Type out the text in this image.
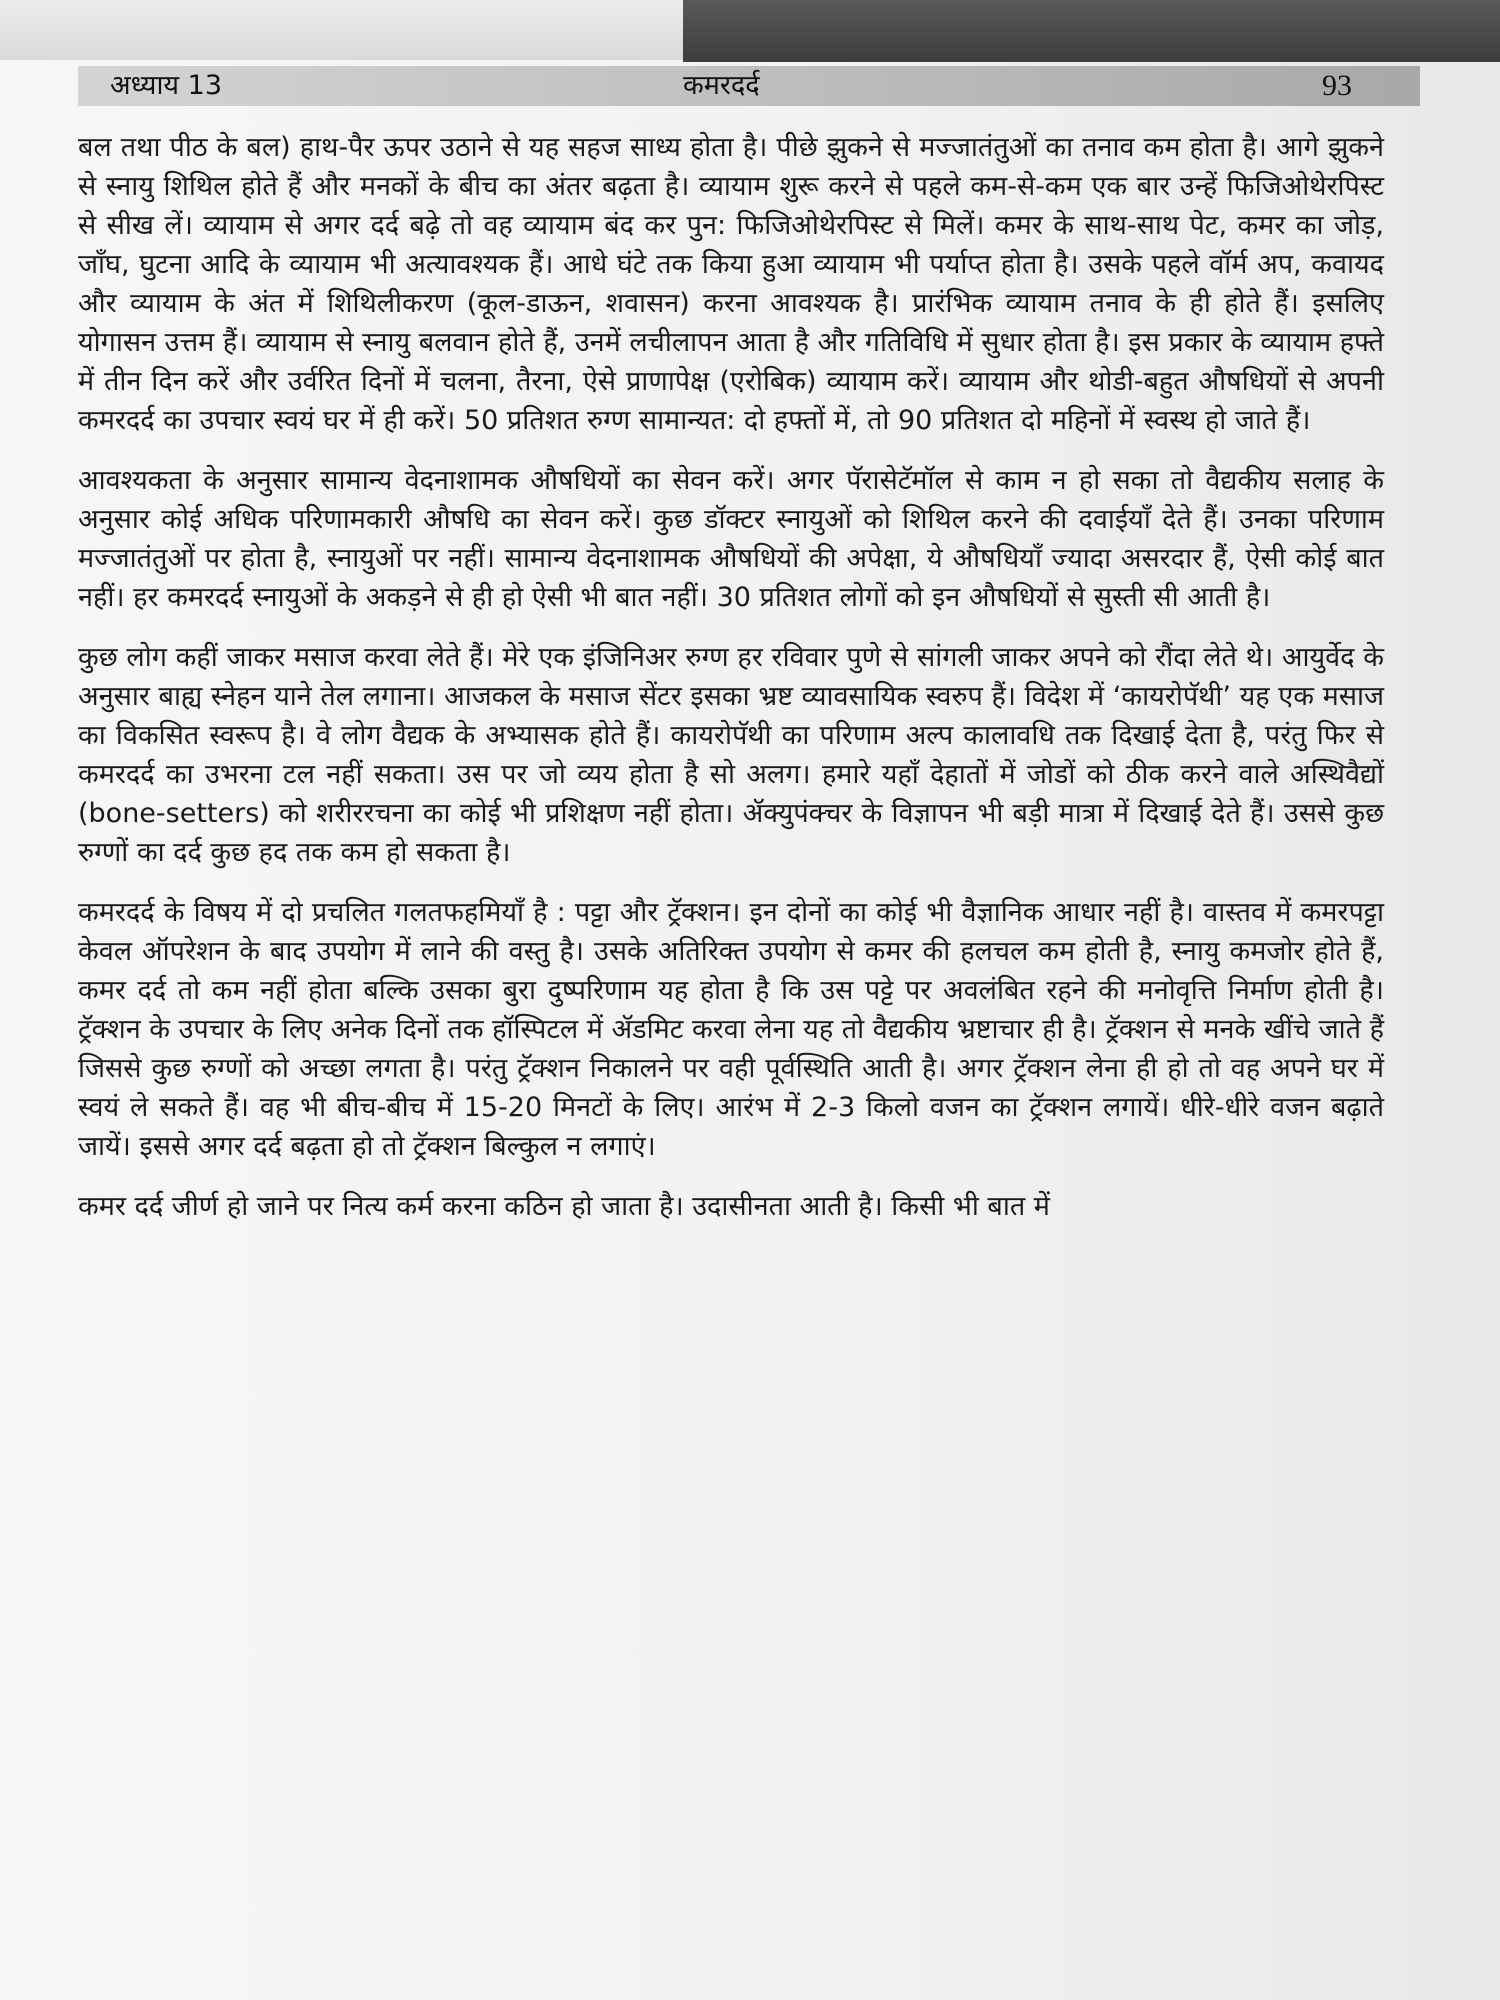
अध्याय 13	कमरदर्द	93

बल तथा पीठ के बल) हाथ-पैर ऊपर उठाने से यह सहज साध्य होता है। पीछे झुकने से मज्जातंतुओं का तनाव कम होता है। आगे झुकने से स्नायु शिथिल होते हैं और मनकों के बीच का अंतर बढ़ता है। व्यायाम शुरू करने से पहले कम-से-कम एक बार उन्हें फिजिओथेरपिस्ट से सीख लें। व्यायाम से अगर दर्द बढ़े तो वह व्यायाम बंद कर पुन: फिजिओथेरपिस्ट से मिलें। कमर के साथ-साथ पेट, कमर का जोड़, जाँघ, घुटना आदि के व्यायाम भी अत्यावश्यक हैं। आधे घंटे तक किया हुआ व्यायाम भी पर्याप्त होता है। उसके पहले वॉर्म अप, कवायद और व्यायाम के अंत में शिथिलीकरण (कूल-डाऊन, शवासन) करना आवश्यक है। प्रारंभिक व्यायाम तनाव के ही होते हैं। इसलिए योगासन उत्तम हैं। व्यायाम से स्नायु बलवान होते हैं, उनमें लचीलापन आता है और गतिविधि में सुधार होता है। इस प्रकार के व्यायाम हफ्ते में तीन दिन करें और उर्वरित दिनों में चलना, तैरना, ऐसे प्राणापेक्ष (एरोबिक) व्यायाम करें। व्यायाम और थोडी-बहुत औषधियों से अपनी कमरदर्द का उपचार स्वयं घर में ही करें। 50 प्रतिशत रुग्ण सामान्यत: दो हफ्तों में, तो 90 प्रतिशत दो महिनों में स्वस्थ हो जाते हैं।

आवश्यकता के अनुसार सामान्य वेदनाशामक औषधियों का सेवन करें। अगर पॅरासेटॅमॉल से काम न हो सका तो वैद्यकीय सलाह के अनुसार कोई अधिक परिणामकारी औषधि का सेवन करें। कुछ डॉक्टर स्नायुओं को शिथिल करने की दवाईयाँ देते हैं। उनका परिणाम मज्जातंतुओं पर होता है, स्नायुओं पर नहीं। सामान्य वेदनाशामक औषधियों की अपेक्षा, ये औषधियाँ ज्यादा असरदार हैं, ऐसी कोई बात नहीं। हर कमरदर्द स्नायुओं के अकड़ने से ही हो ऐसी भी बात नहीं। 30 प्रतिशत लोगों को इन औषधियों से सुस्ती सी आती है।

कुछ लोग कहीं जाकर मसाज करवा लेते हैं। मेरे एक इंजिनिअर रुग्ण हर रविवार पुणे से सांगली जाकर अपने को रौंदा लेते थे। आयुर्वेद के अनुसार बाह्य स्नेहन याने तेल लगाना। आजकल के मसाज सेंटर इसका भ्रष्ट व्यावसायिक स्वरुप हैं। विदेश में ‘कायरोपॅथी’ यह एक मसाज का विकसित स्वरूप है। वे लोग वैद्यक के अभ्यासक होते हैं। कायरोपॅथी का परिणाम अल्प कालावधि तक दिखाई देता है, परंतु फिर से कमरदर्द का उभरना टल नहीं सकता। उस पर जो व्यय होता है सो अलग। हमारे यहाँ देहातों में जोडों को ठीक करने वाले अस्थिवैद्यों (bone-setters) को शरीररचना का कोई भी प्रशिक्षण नहीं होता। ॲक्युपंक्चर के विज्ञापन भी बड़ी मात्रा में दिखाई देते हैं। उससे कुछ रुग्णों का दर्द कुछ हद तक कम हो सकता है।

कमरदर्द के विषय में दो प्रचलित गलतफहमियाँ है : पट्टा और ट्रॅक्शन। इन दोनों का कोई भी वैज्ञानिक आधार नहीं है। वास्तव में कमरपट्टा केवल ऑपरेशन के बाद उपयोग में लाने की वस्तु है। उसके अतिरिक्त उपयोग से कमर की हलचल कम होती है, स्नायु कमजोर होते हैं, कमर दर्द तो कम नहीं होता बल्कि उसका बुरा दुष्परिणाम यह होता है कि उस पट्टे पर अवलंबित रहने की मनोवृत्ति निर्माण होती है। ट्रॅक्शन के उपचार के लिए अनेक दिनों तक हॉस्पिटल में ॲडमिट करवा लेना यह तो वैद्यकीय भ्रष्टाचार ही है। ट्रॅक्शन से मनके खींचे जाते हैं जिससे कुछ रुग्णों को अच्छा लगता है। परंतु ट्रॅक्शन निकालने पर वही पूर्वस्थिति आती है। अगर ट्रॅक्शन लेना ही हो तो वह अपने घर में स्वयं ले सकते हैं। वह भी बीच-बीच में 15-20 मिनटों के लिए। आरंभ में 2-3 किलो वजन का ट्रॅक्शन लगायें। धीरे-धीरे वजन बढ़ाते जायें। इससे अगर दर्द बढ़ता हो तो ट्रॅक्शन बिल्कुल न लगाएं।

कमर दर्द जीर्ण हो जाने पर नित्य कर्म करना कठिन हो जाता है। उदासीनता आती है। किसी भी बात में
